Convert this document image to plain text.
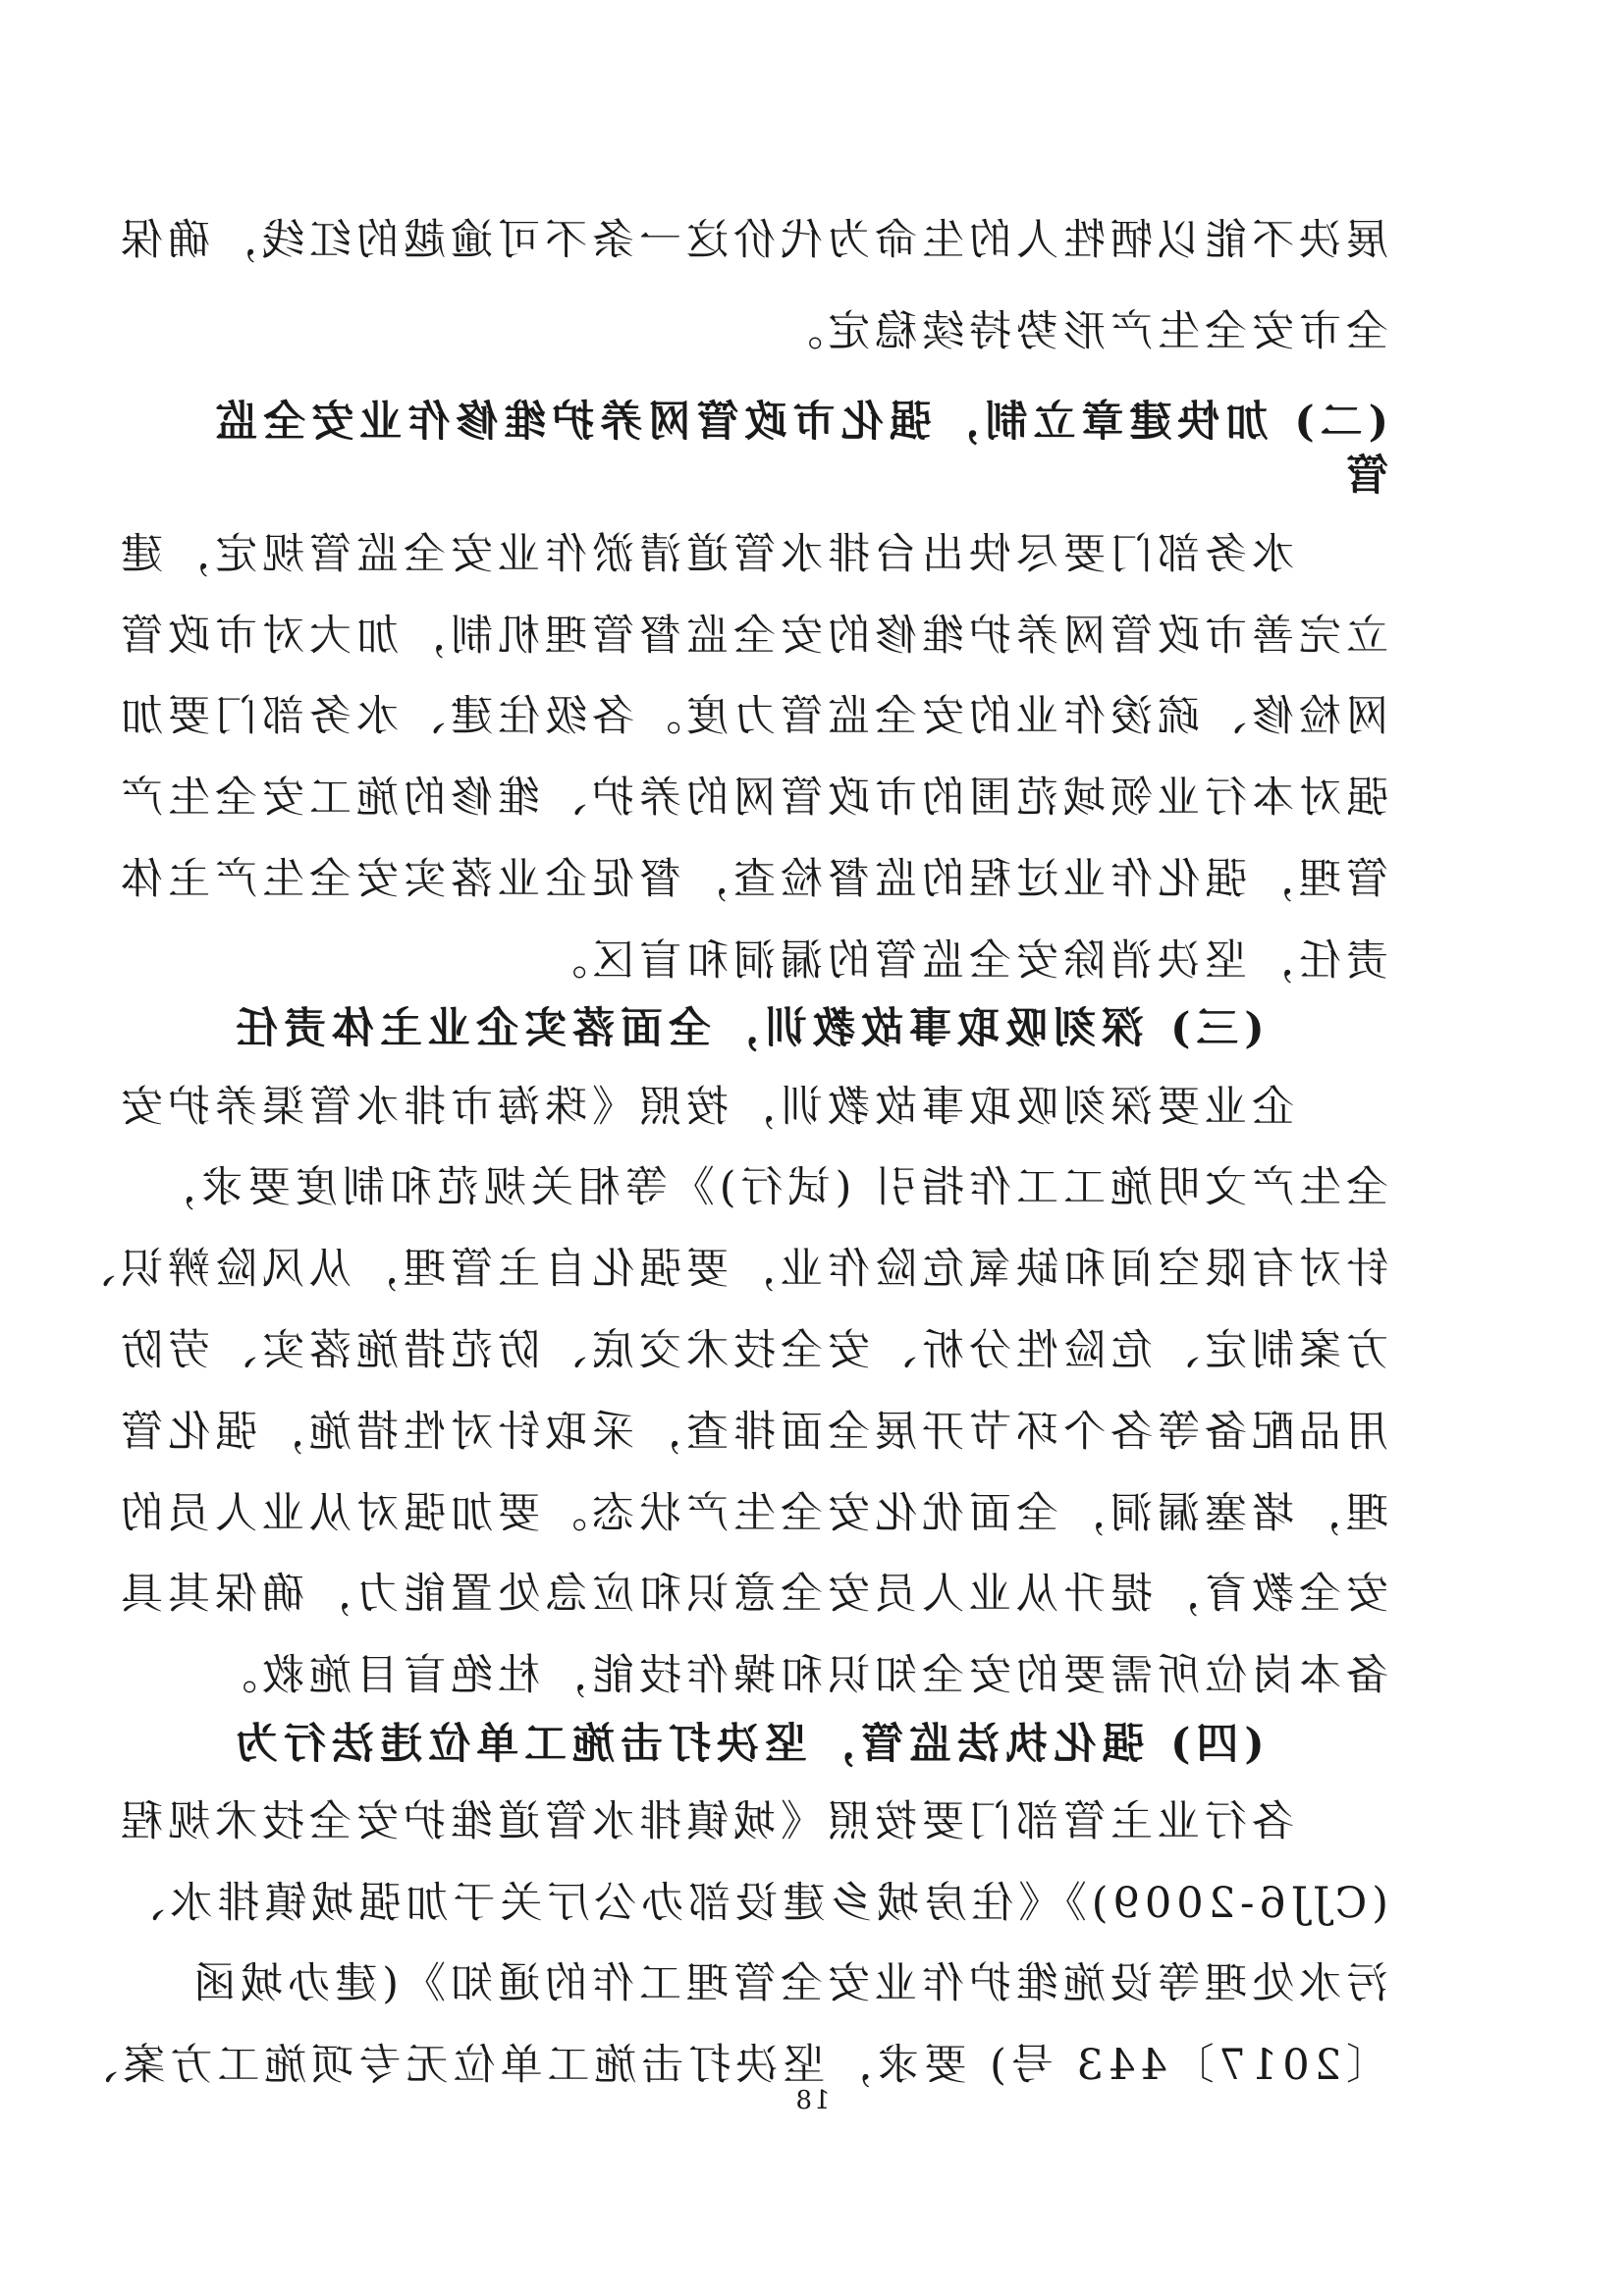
展决不能以牺牲人的生命为代价这一条不可逾越的红线，确保
全市安全生产形势持续稳定。
(二) 加快建章立制，强化市政管网养护维修作业安全监
管
水务部门要尽快出台排水管道清淤作业安全监管规定，建
立完善市政管网养护维修的安全监督管理机制，加大对市政管
网检修、疏浚作业的安全监管力度。各级住建、水务部门要加
强对本行业领域范围的市政管网的养护、维修的施工安全生产
管理，强化作业过程的监督检查，督促企业落实安全生产主体
责任，坚决消除安全监管的漏洞和盲区。
(三) 深刻吸取事故教训，全面落实企业主体责任
企业要深刻吸取事故教训，按照《珠海市排水管渠养护安
全生产文明施工工作指引 (试行)》等相关规范和制度要求，
针对有限空间和缺氧危险作业，要强化自主管理，从风险辨识、
方案制定、危险性分析、安全技术交底、防范措施落实、劳防
用品配备等各个环节开展全面排查，采取针对性措施，强化管
理，堵塞漏洞，全面优化安全生产状态。要加强对从业人员的
安全教育，提升从业人员安全意识和应急处置能力，确保其具
备本岗位所需要的安全知识和操作技能，杜绝盲目施救。
(四) 强化执法监管，坚决打击施工单位违法行为
各行业主管部门要按照《城镇排水管道维护安全技术规程
(CJJ6-2009)》《住房城乡建设部办公厅关于加强城镇排水、
污水处理等设施维护作业安全管理工作的通知》(建办城函
〔2017〕443 号) 要求，坚决打击施工单位无专项施工方案、
18
